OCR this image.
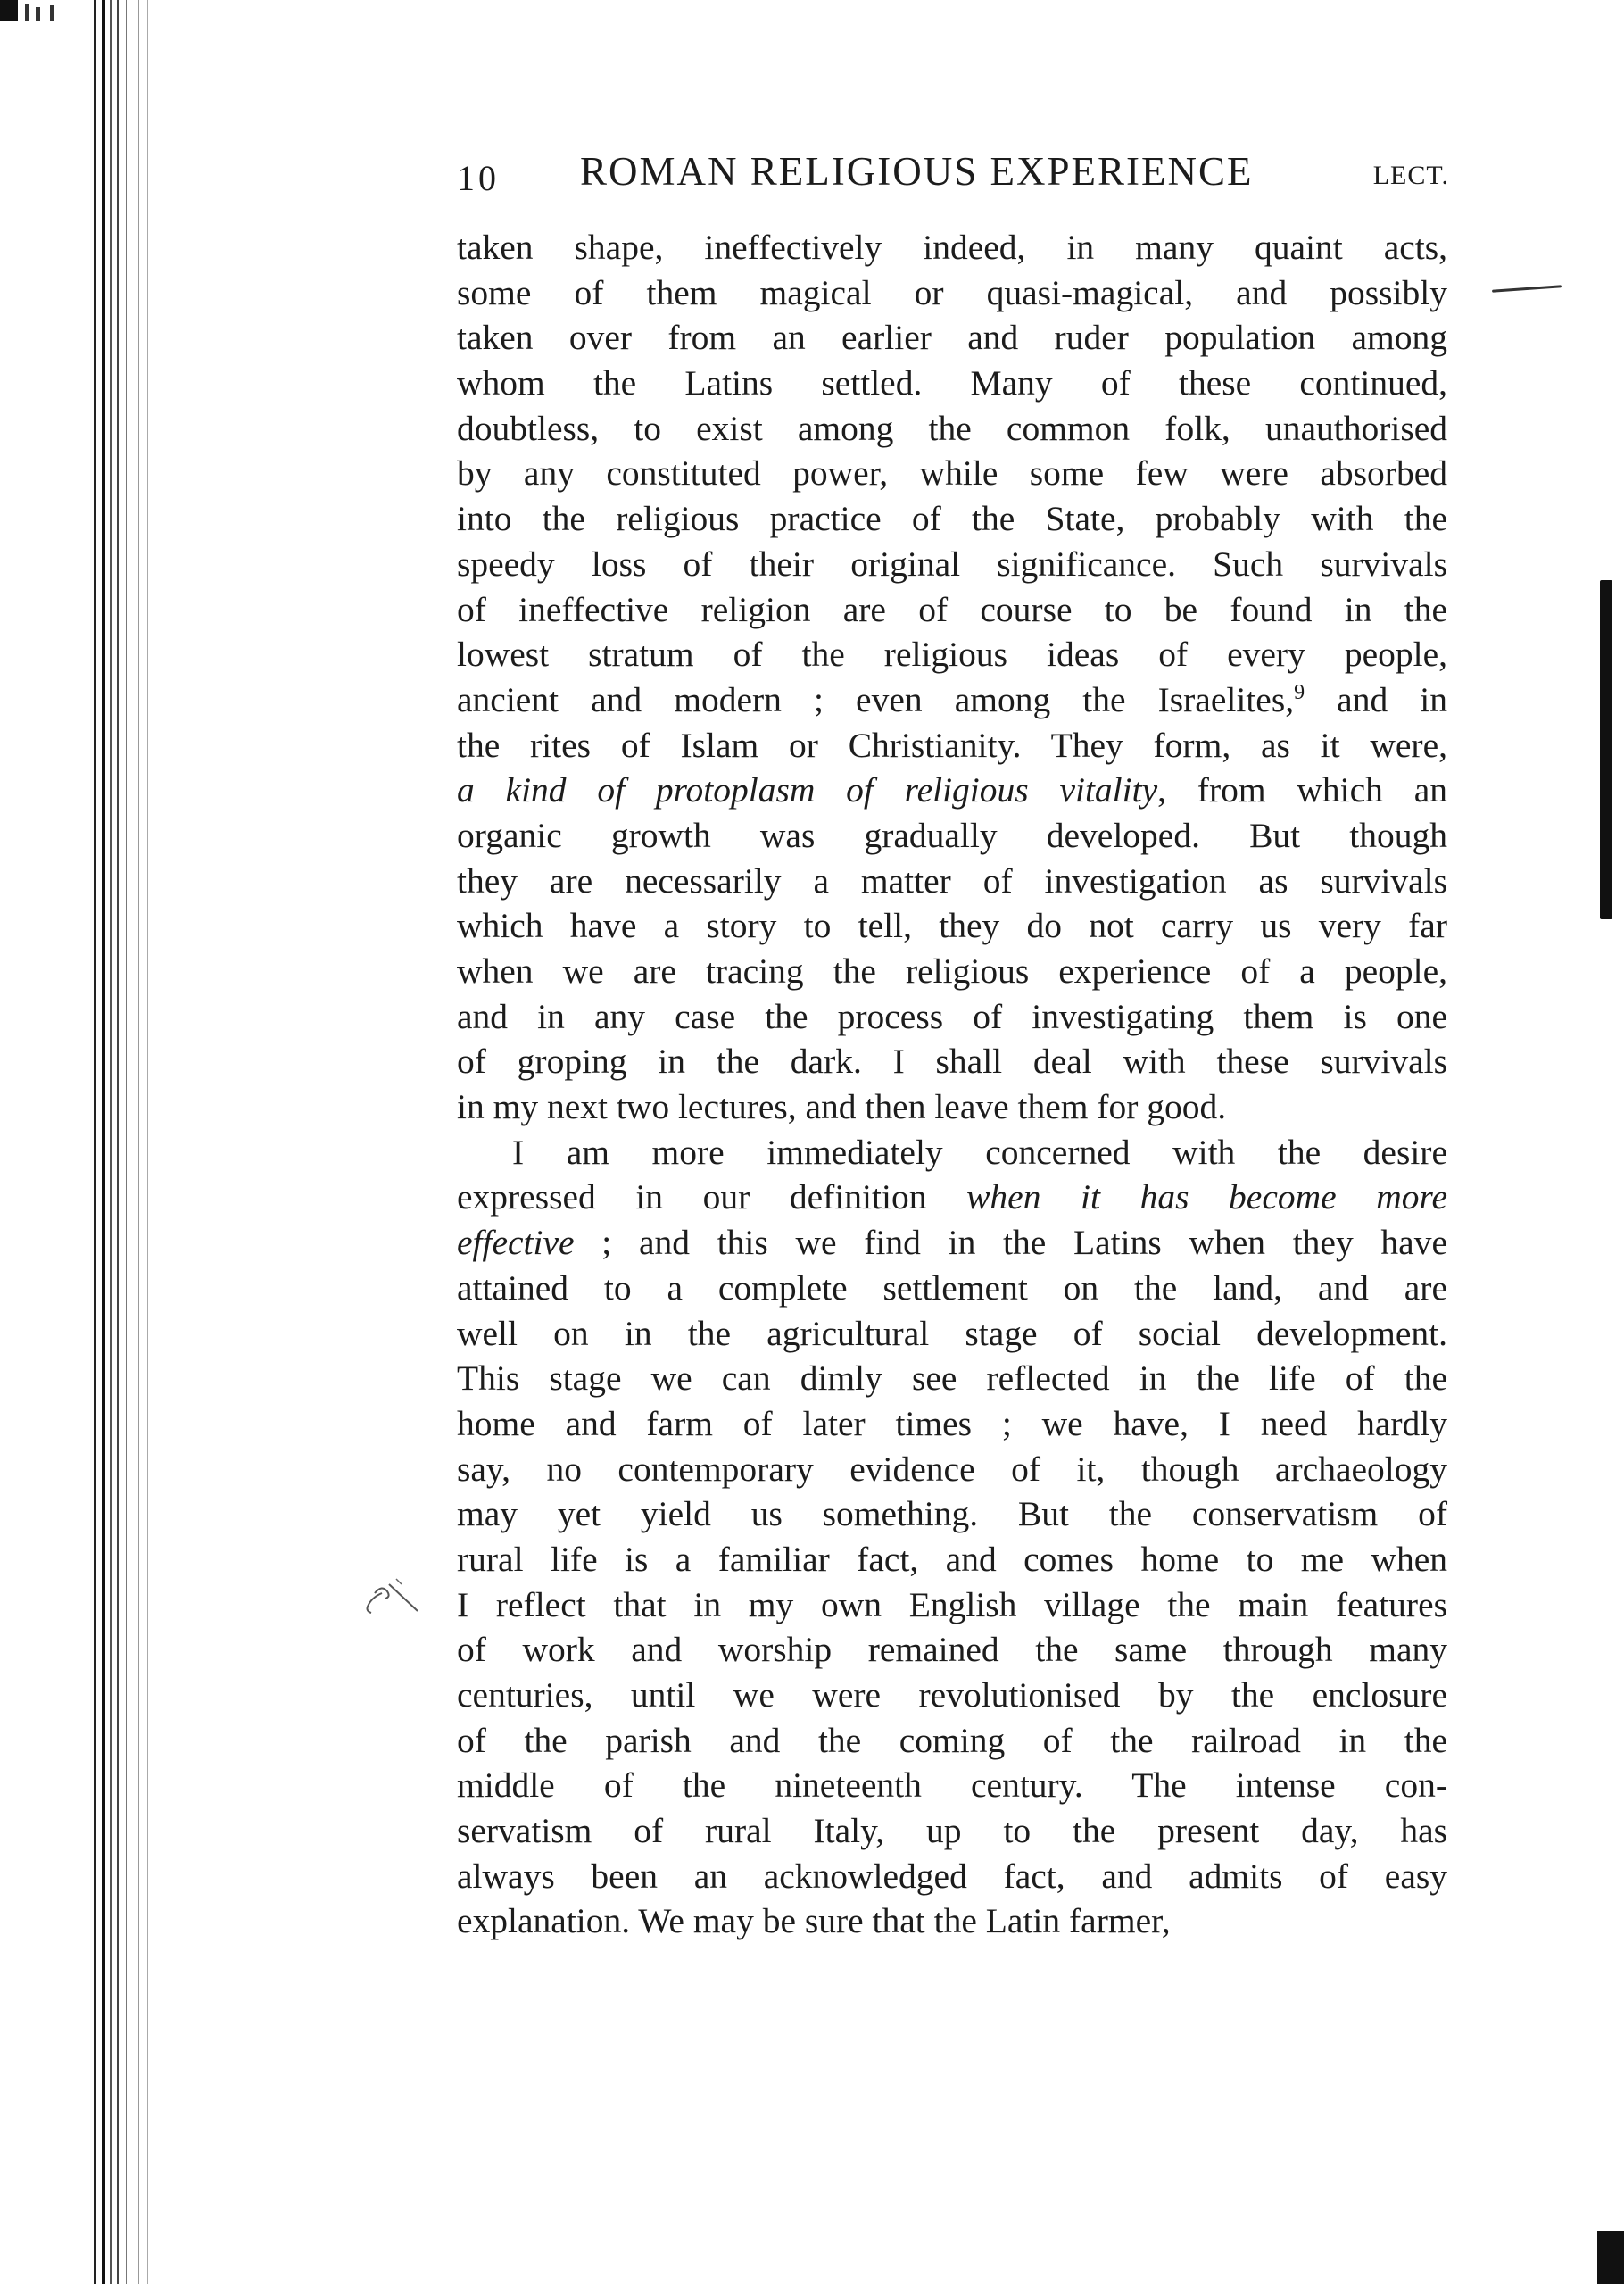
10 ROMAN RELIGIOUS EXPERIENCE	LECT.
taken shape, ineffectively indeed, in many quaint acts,
some of them magical or quasi-magical, and possibly
taken over from an earlier and ruder population among
whom the Latins settled. Many of these continued,
doubtless, to exist among the common folk, unauthorised
by any constituted power, while some few were absorbed
into the religious practice of the State, probably with the
speedy loss of their original significance. Such survivals
of ineffective religion are of course to be found in the
lowest stratum of the religious ideas of every people,
ancient and modern ; even among the Israelites,$^9$ and in
the rites of Islam or Christianity. They form, as it were,
a kind of protoplasm of religious vitality, from which an
organic growth was gradually developed. But though
they are necessarily a matter of investigation as survivals
which have a story to tell, they do not carry us very far
when we are tracing the religious experience of a people,
and in any case the process of investigating them is one
of groping in the dark. I shall deal with these survivals
in my next two lectures, and then leave them for good.
I am more immediately concerned with the desire
expressed in our definition when it has become more
effective ; and this we find in the Latins when they have
attained to a complete settlement on the land, and are
well on in the agricultural stage of social development.
This stage we can dimly see reflected in the life of the
home and farm of later times ; we have, I need hardly
say, no contemporary evidence of it, though archaeology
may yet yield us something. But the conservatism of
rural life is a familiar fact, and comes home to me when
I reflect that in my own English village the main features
of work and worship remained the same through many
centuries, until we were revolutionised by the enclosure
of the parish and the coming of the railroad in the
middle of the nineteenth century. The intense con-
servatism of rural Italy, up to the present day, has
always been an acknowledged fact, and admits of easy
explanation. We may be sure that the Latin farmer,
